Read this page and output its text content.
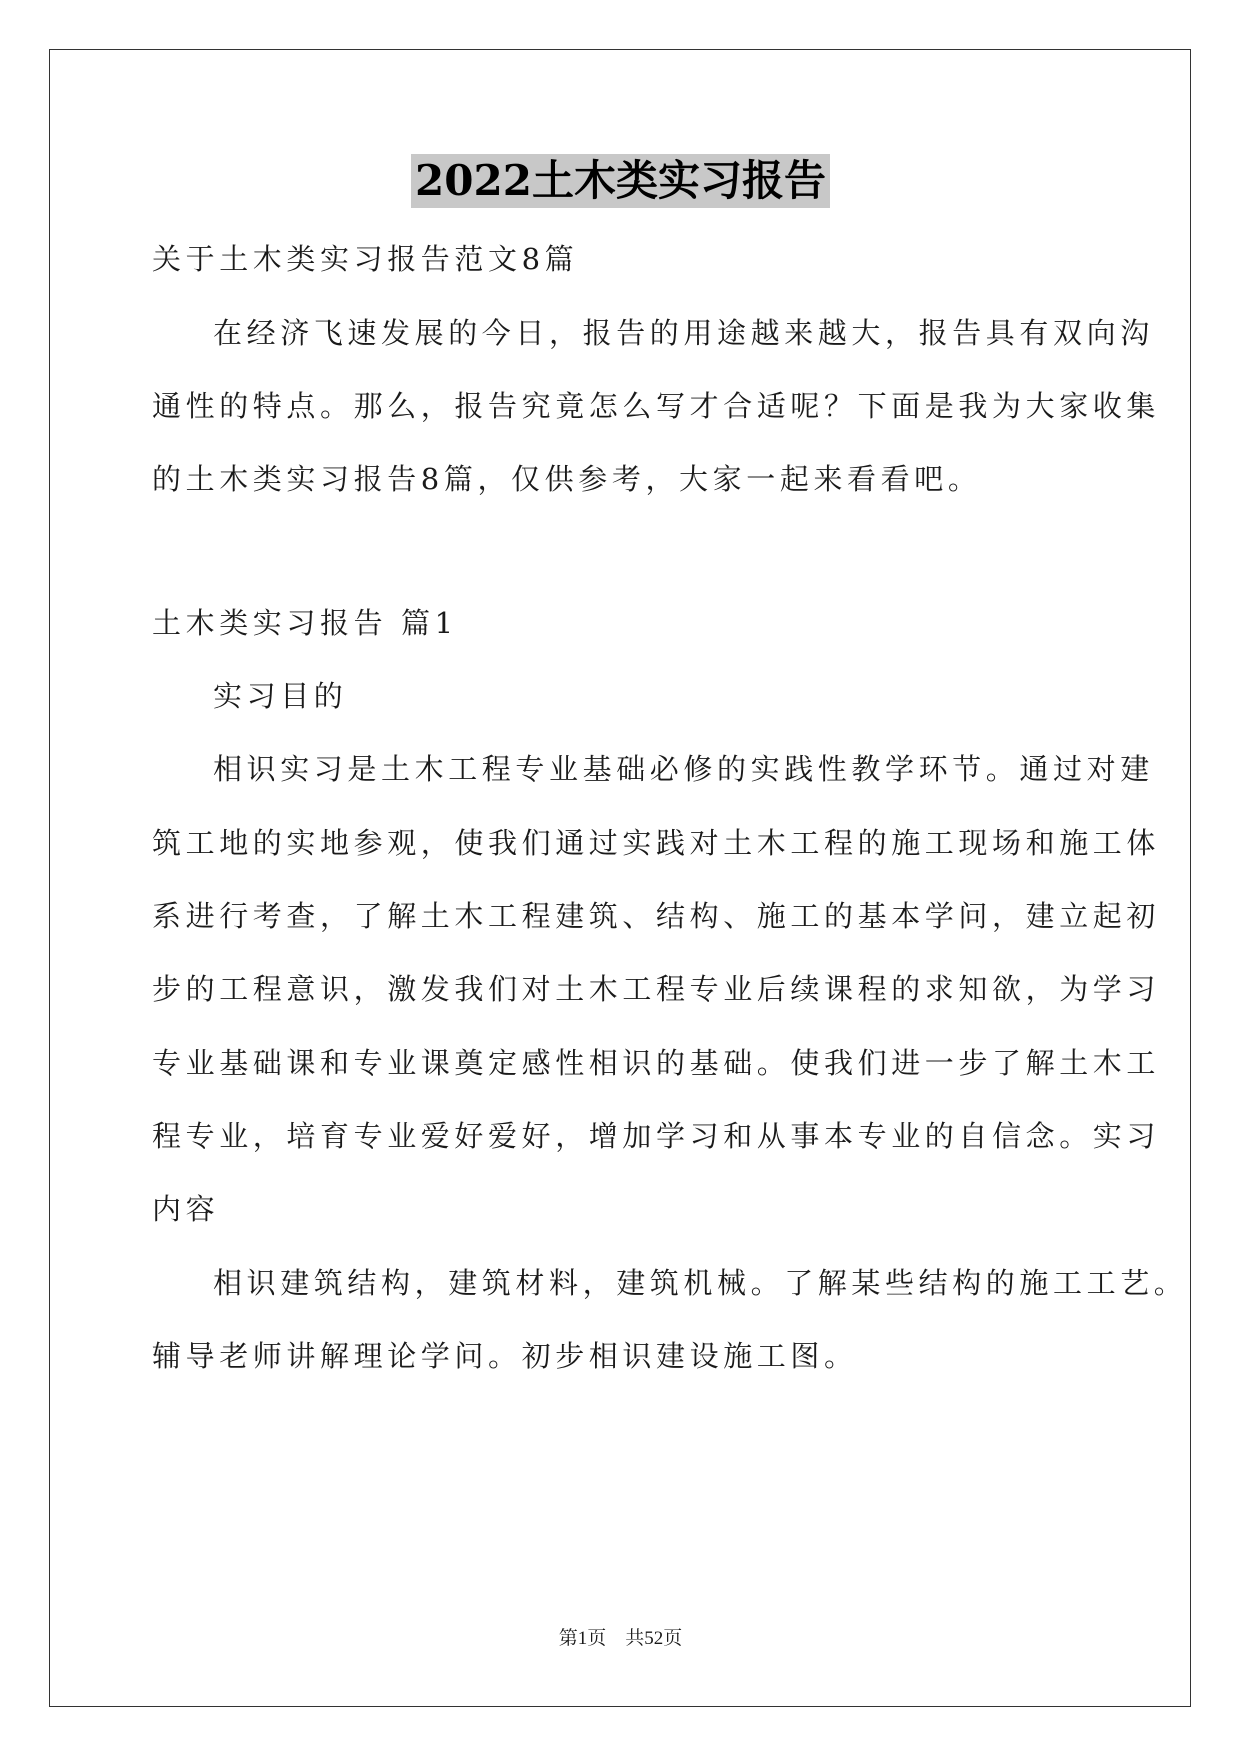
2022土木类实习报告
关于土木类实习报告范文8篇
在经济飞速发展的今日，报告的用途越来越大，报告具有双向沟
通性的特点。那么，报告究竟怎么写才合适呢？下面是我为大家收集
的土木类实习报告8篇，仅供参考，大家一起来看看吧。
土木类实习报告 篇1
实习目的
相识实习是土木工程专业基础必修的实践性教学环节。通过对建
筑工地的实地参观，使我们通过实践对土木工程的施工现场和施工体
系进行考查，了解土木工程建筑、结构、施工的基本学问，建立起初
步的工程意识，激发我们对土木工程专业后续课程的求知欲，为学习
专业基础课和专业课奠定感性相识的基础。使我们进一步了解土木工
程专业，培育专业爱好爱好，增加学习和从事本专业的自信念。实习
内容
相识建筑结构，建筑材料，建筑机械。了解某些结构的施工工艺。
辅导老师讲解理论学问。初步相识建设施工图。
第1页　共52页
